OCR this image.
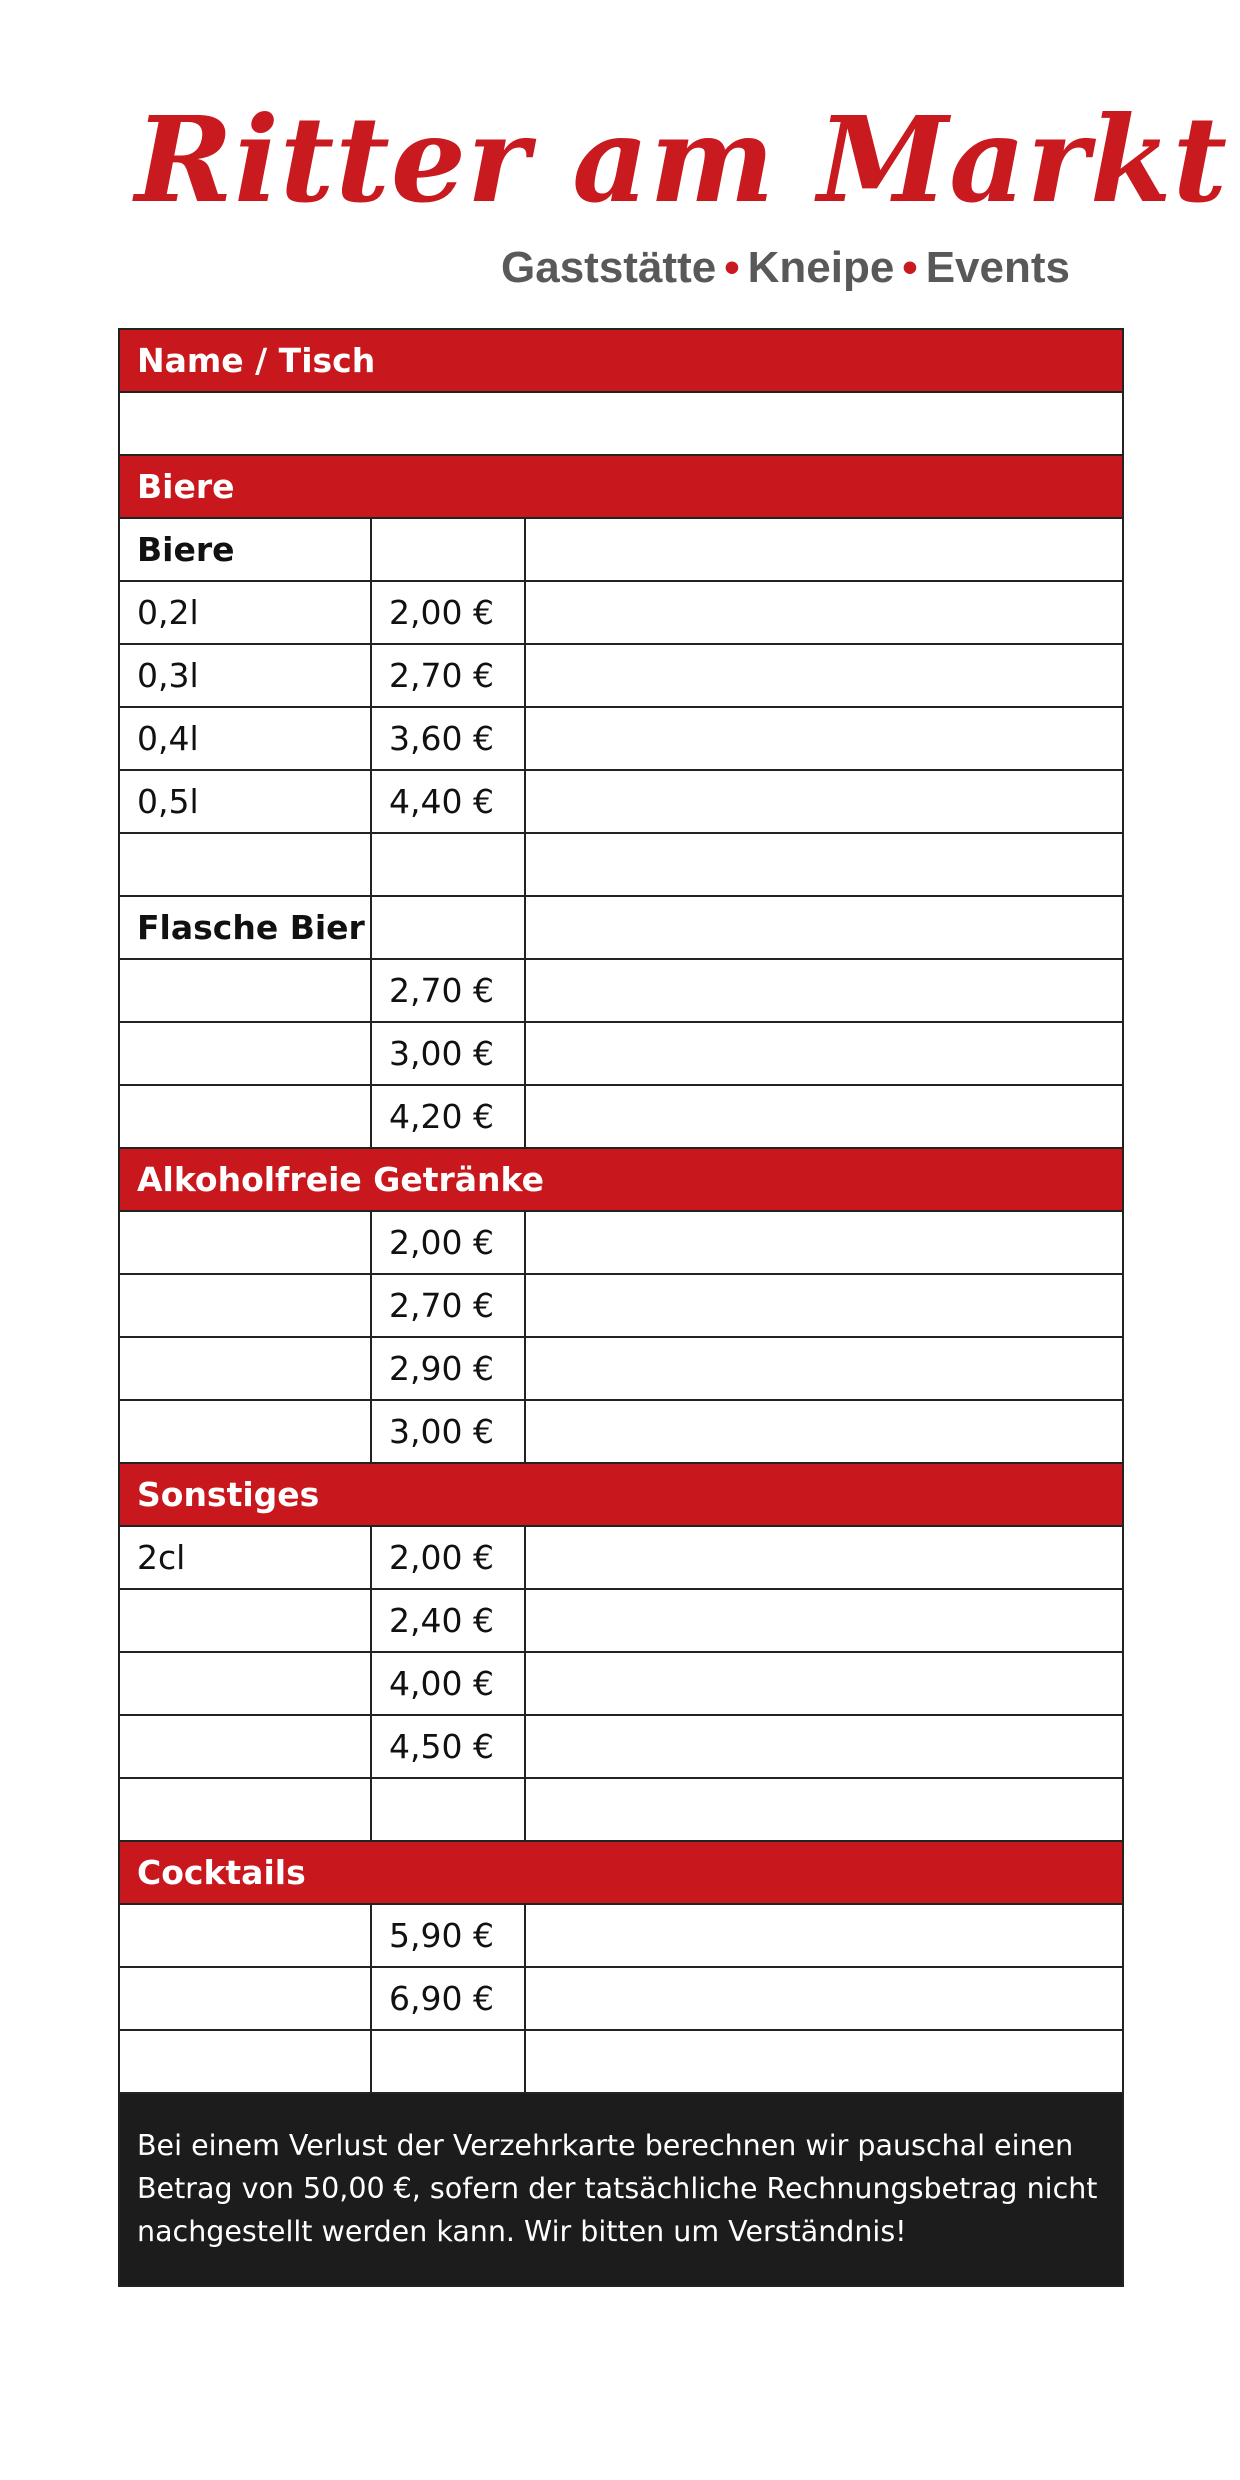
Ritter am Markt
Gaststätte • Kneipe • Events
Name / Tisch		

Biere		
Biere		
0,2l	2,00 €	
0,3l	2,70 €	
0,4l	3,60 €	
0,5l	4,40 €	

Flasche Bier		
	2,70 €	
	3,00 €	
	4,20 €	
Alkoholfreie Getränke		
	2,00 €	
	2,70 €	
	2,90 €	
	3,00 €	
Sonstiges		
2cl	2,00 €	
	2,40 €	
	4,00 €	
	4,50 €	

Cocktails		
	5,90 €	
	6,90 €	

Bei einem Verlust der Verzehrkarte berechnen wir pauschal einen Betrag von 50,00 €, sofern der tatsächliche Rechnungsbetrag nicht nachgestellt werden kann. Wir bitten um Verständnis!
